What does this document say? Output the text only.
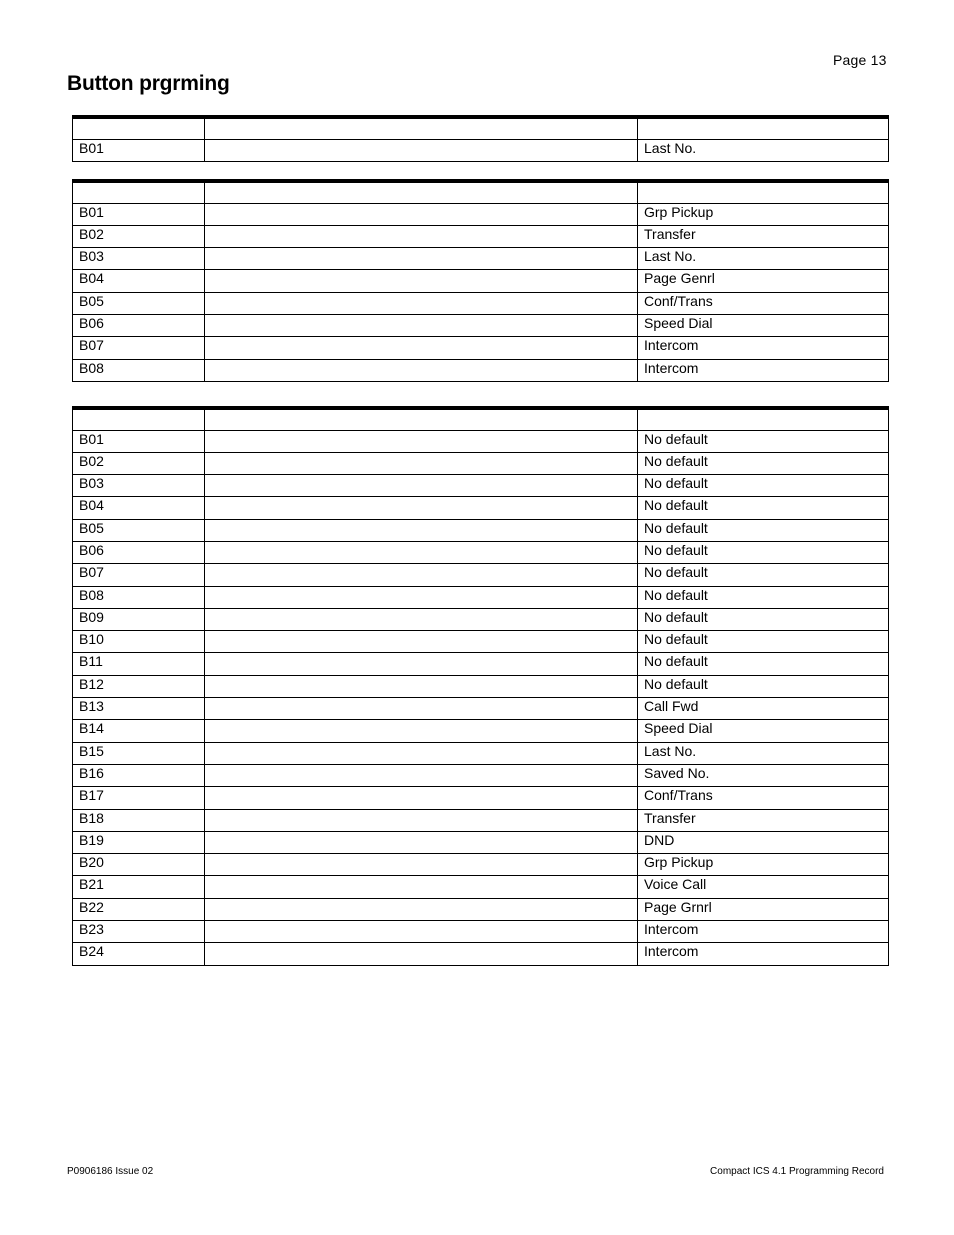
Page 13
Button prgrming

B01		Last No.

B01		Grp Pickup
B02		Transfer
B03		Last No.
B04		Page Genrl
B05		Conf/Trans
B06		Speed Dial
B07		Intercom
B08		Intercom

B01		No default
B02		No default
B03		No default
B04		No default
B05		No default
B06		No default
B07		No default
B08		No default
B09		No default
B10		No default
B11		No default
B12		No default
B13		Call Fwd
B14		Speed Dial
B15		Last No.
B16		Saved No.
B17		Conf/Trans
B18		Transfer
B19		DND
B20		Grp Pickup
B21		Voice Call
B22		Page Grnrl
B23		Intercom
B24		Intercom
P0906186 Issue 02	Compact ICS 4.1 Programming Record
